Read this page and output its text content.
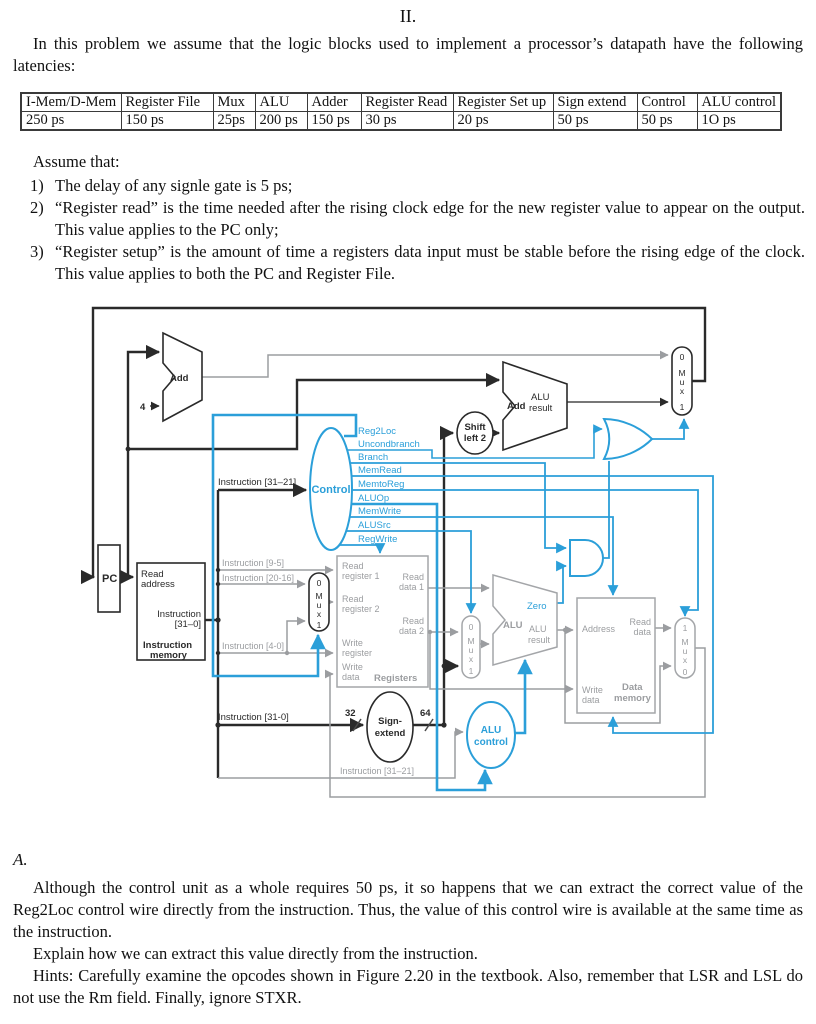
II.
In this problem we assume that the logic blocks used to implement a processor’s datapath have the following latencies:
I-Mem/D-Mem	Register File	Mux	ALU	Adder	Register Read	Register Set up	Sign extend	Control	ALU control
250 ps	150 ps	25ps	200 ps	150 ps	30 ps	20 ps	50 ps	50 ps	1O ps
Assume that:
1) The delay of any signle gate is 5 ps;
2) “Register read” is the time needed after the rising clock edge for the new register value to appear on the output. This value applies to the PC only;
3) “Register setup” is the amount of time a registers data input must be stable before the rising edge of the clock. This value applies to both the PC and Register File.
PC Read
address
Instruction
[31–0]
Instruction
memory
Add
4	Add
ALU
result
Shift
left 2
Control
Reg2Loc
Uncondbranch
Branch
MemRead
MemtoReg
ALUOp
MemWrite
ALUSrc
RegWrite
Instruction [31–21]
Instruction [9-5]
Instruction [20-16]
Instruction [4-0]
Instruction [31-0]
Instruction [31–21]
Read
register 1
Read
register 2
Write
register
Write
data
Read
data 1
Read
data 2
Registers
Sign-
extend
32	64
ALU
Zero
ALU
result
ALU
control
Address
Read
data
Write
data
Data
memory
0
M
u
x
1
0
M
u
x
1	0
M
u
x
1
1
M
u
x
0
A.
Although the control unit as a whole requires 50 ps, it so happens that we can extract the correct value of the Reg2Loc control wire directly from the instruction. Thus, the value of this control wire is available at the same time as the instruction.
Explain how we can extract this value directly from the instruction.
Hints: Carefully examine the opcodes shown in Figure 2.20 in the textbook. Also, remember that LSR and LSL do not use the Rm field. Finally, ignore STXR.
